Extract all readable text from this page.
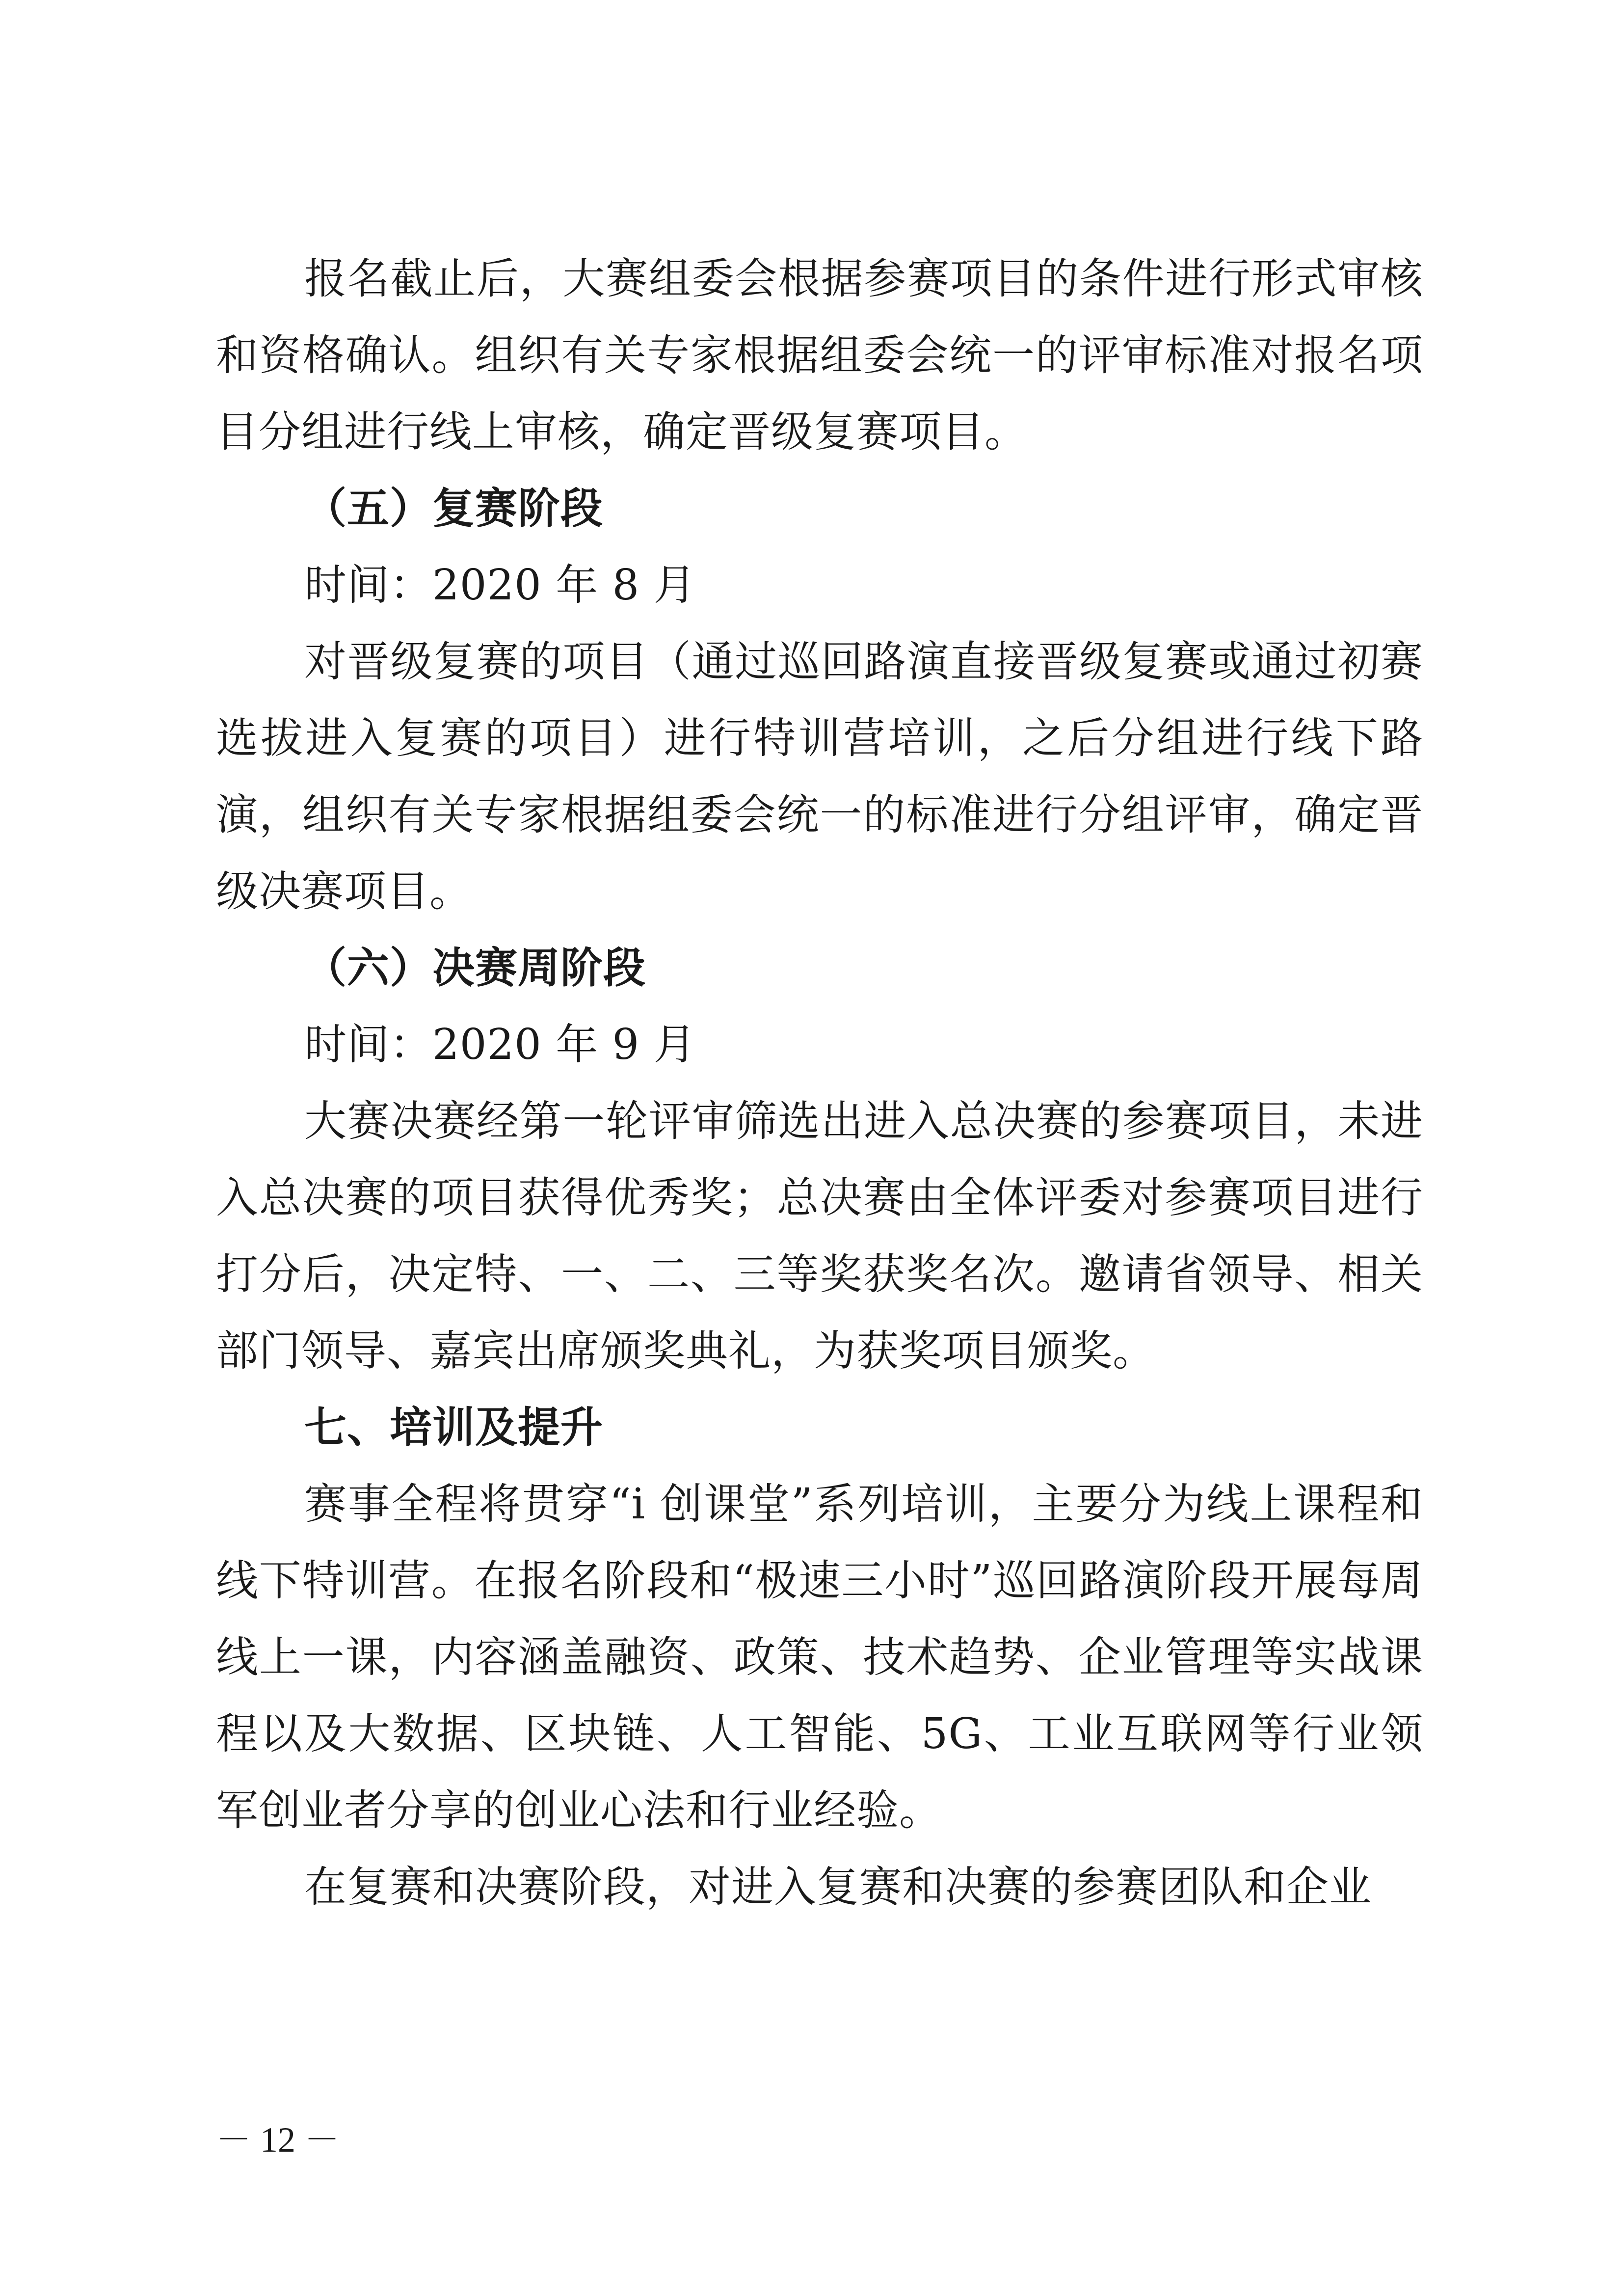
报名截止后，大赛组委会根据参赛项目的条件进行形式审核和资格确认。组织有关专家根据组委会统一的评审标准对报名项目分组进行线上审核，确定晋级复赛项目。

（五）复赛阶段

时间：2020 年 8 月

对晋级复赛的项目（通过巡回路演直接晋级复赛或通过初赛选拔进入复赛的项目）进行特训营培训，之后分组进行线下路演，组织有关专家根据组委会统一的标准进行分组评审，确定晋级决赛项目。

（六）决赛周阶段

时间：2020 年 9 月

大赛决赛经第一轮评审筛选出进入总决赛的参赛项目，未进入总决赛的项目获得优秀奖；总决赛由全体评委对参赛项目进行打分后，决定特、一、二、三等奖获奖名次。邀请省领导、相关部门领导、嘉宾出席颁奖典礼，为获奖项目颁奖。

七、培训及提升

赛事全程将贯穿“i 创课堂”系列培训，主要分为线上课程和线下特训营。在报名阶段和“极速三小时”巡回路演阶段开展每周线上一课，内容涵盖融资、政策、技术趋势、企业管理等实战课程以及大数据、区块链、人工智能、5G、工业互联网等行业领军创业者分享的创业心法和行业经验。

在复赛和决赛阶段，对进入复赛和决赛的参赛团队和企业

－ 12 －
